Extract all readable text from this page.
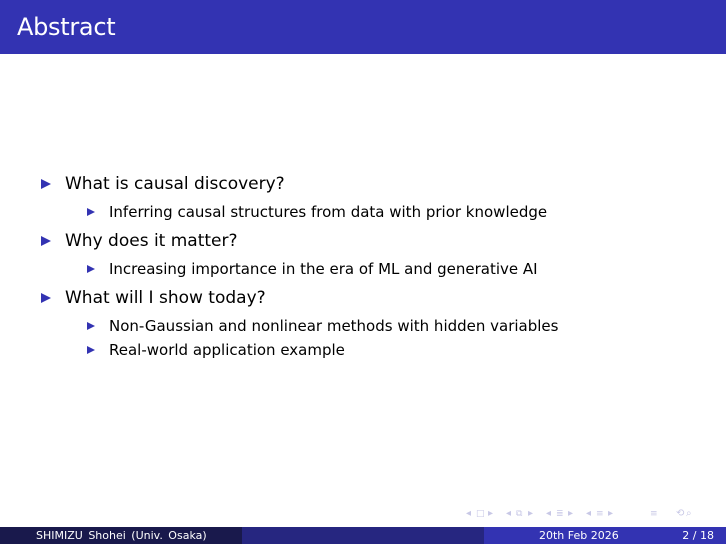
Abstract
What is causal discovery?
Inferring causal structures from data with prior knowledge
Why does it matter?
Increasing importance in the era of ML and generative AI
What will I show today?
Non-Gaussian and nonlinear methods with hidden variables
Real-world application example
◂ □ ▸ ◂ ⧉ ▸ ◂ ≣ ▸ ◂ ≡ ▸	≡ ⟲ ⌕
SHIMIZU Shohei (Univ. Osaka)	20th Feb 2026	2 / 18
